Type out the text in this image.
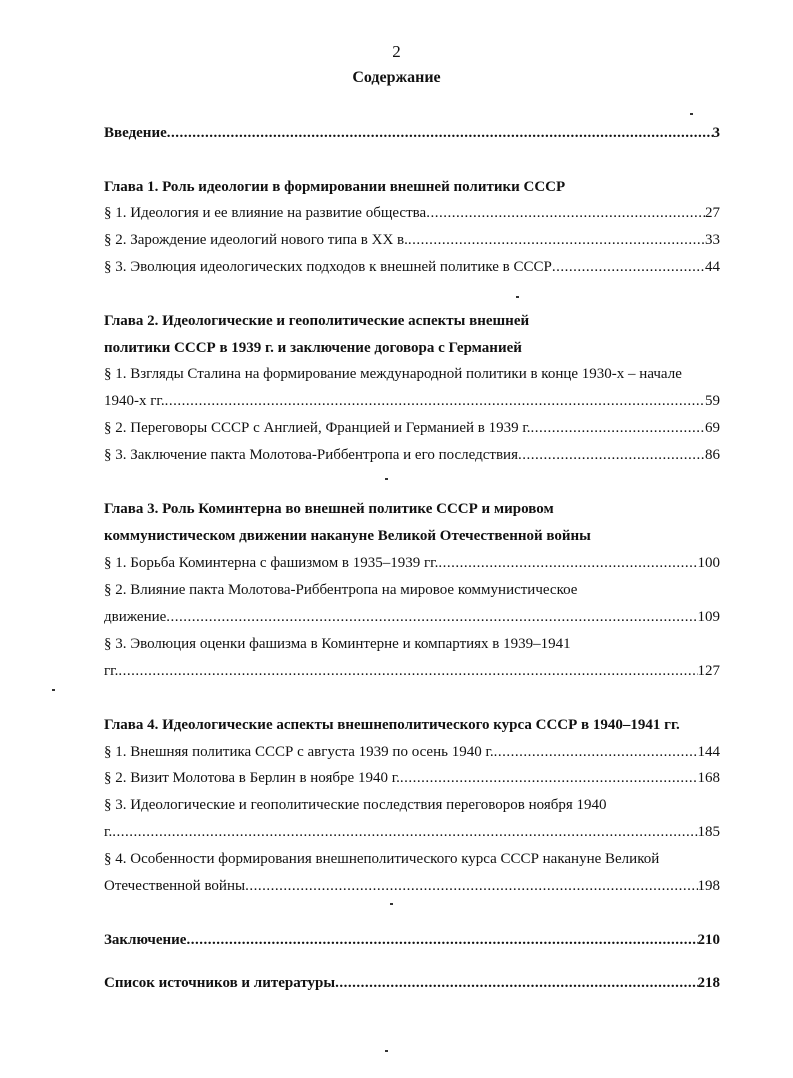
2
Содержание
Введение .....	3
Глава 1. Роль идеологии в формировании внешней политики СССР
§ 1. Идеология и ее влияние на развитие общества .....	27
§ 2. Зарождение идеологий нового типа в XX в. .....	33
§ 3. Эволюция идеологических подходов к внешней политике в СССР .....	44
Глава 2. Идеологические и геополитические аспекты внешней
политики СССР в 1939 г. и заключение договора с Германией
§ 1. Взгляды Сталина на формирование международной политики в конце 1930-х – начале
1940-х гг. .....	59
§ 2. Переговоры СССР с Англией, Францией и Германией в 1939 г. .....	69
§ 3. Заключение пакта Молотова-Риббентропа и его последствия .....	86
Глава 3. Роль Коминтерна во внешней политике СССР и мировом
коммунистическом движении накануне Великой Отечественной войны
§ 1. Борьба Коминтерна с фашизмом в 1935–1939 гг. .....	100
§ 2. Влияние пакта Молотова-Риббентропа на мировое коммунистическое
движение .....	109
§ 3. Эволюция оценки фашизма в Коминтерне и компартиях в 1939–1941
гг. .....	127
Глава 4. Идеологические аспекты внешнеполитического курса СССР в 1940–1941 гг.
§ 1. Внешняя политика СССР с августа 1939 по осень 1940 г. .....	144
§ 2. Визит Молотова в Берлин в ноябре 1940 г. .....	168
§ 3. Идеологические и геополитические последствия переговоров ноября 1940
г. .....	185
§ 4. Особенности формирования внешнеполитического курса СССР накануне Великой
Отечественной войны .....	198
Заключение .....	210
Список источников и литературы .....	218
